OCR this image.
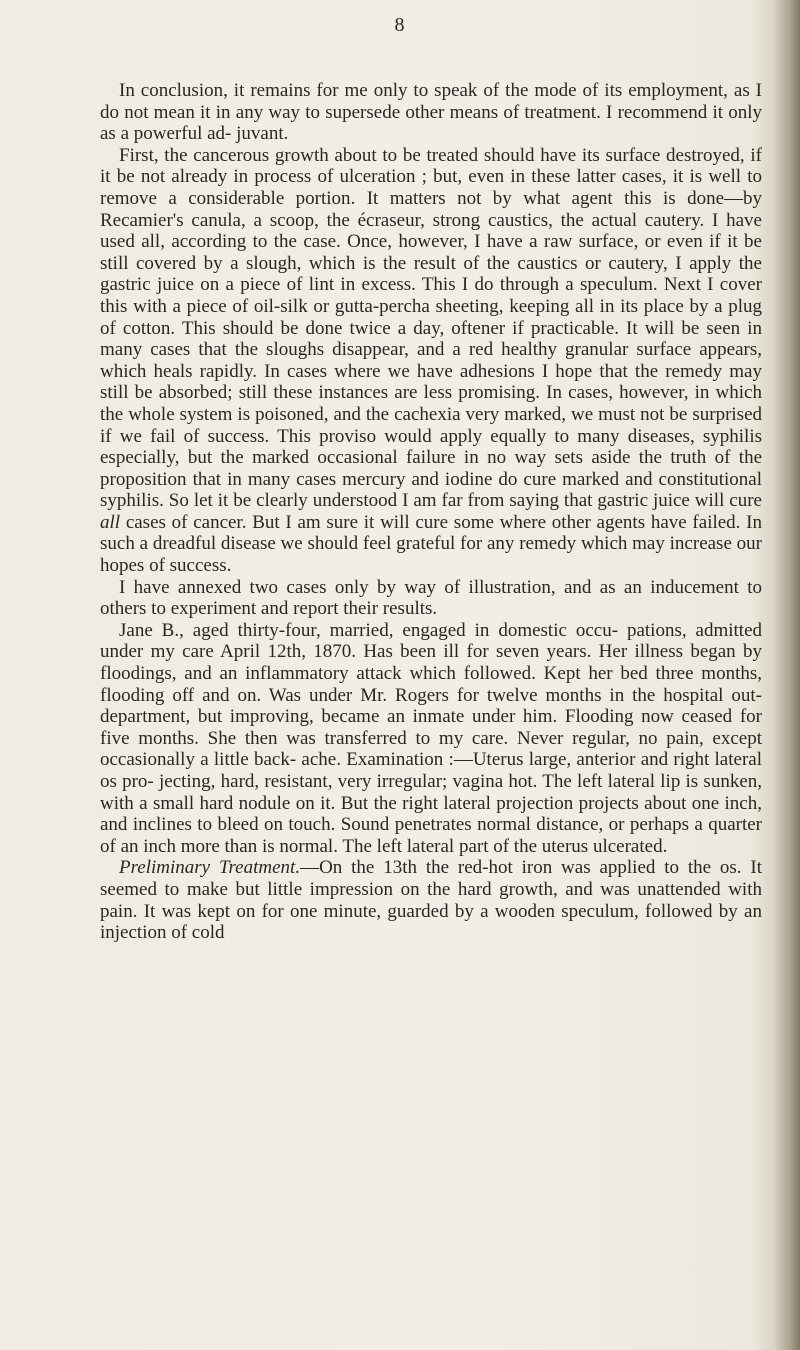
8

In conclusion, it remains for me only to speak of the mode of its employment, as I do not mean it in any way to supersede other means of treatment. I recommend it only as a powerful ad- juvant.

First, the cancerous growth about to be treated should have its surface destroyed, if it be not already in process of ulceration ; but, even in these latter cases, it is well to remove a considerable portion. It matters not by what agent this is done—by Recamier's canula, a scoop, the écraseur, strong caustics, the actual cautery. I have used all, according to the case. Once, however, I have a raw surface, or even if it be still covered by a slough, which is the result of the caustics or cautery, I apply the gastric juice on a piece of lint in excess. This I do through a speculum. Next I cover this with a piece of oil-silk or gutta-percha sheeting, keeping all in its place by a plug of cotton. This should be done twice a day, oftener if practicable. It will be seen in many cases that the sloughs disappear, and a red healthy granular surface appears, which heals rapidly. In cases where we have adhesions I hope that the remedy may still be absorbed; still these instances are less promising. In cases, however, in which the whole system is poisoned, and the cachexia very marked, we must not be surprised if we fail of success. This proviso would apply equally to many diseases, syphilis especially, but the marked occasional failure in no way sets aside the truth of the proposition that in many cases mercury and iodine do cure marked and constitutional syphilis. So let it be clearly understood I am far from saying that gastric juice will cure all cases of cancer. But I am sure it will cure some where other agents have failed. In such a dreadful disease we should feel grateful for any remedy which may increase our hopes of success.

I have annexed two cases only by way of illustration, and as an inducement to others to experiment and report their results.

Jane B., aged thirty-four, married, engaged in domestic occu- pations, admitted under my care April 12th, 1870. Has been ill for seven years. Her illness began by floodings, and an inflammatory attack which followed. Kept her bed three months, flooding off and on. Was under Mr. Rogers for twelve months in the hospital out-department, but improving, became an inmate under him. Flooding now ceased for five months. She then was transferred to my care. Never regular, no pain, except occasionally a little back- ache. Examination :—Uterus large, anterior and right lateral os pro- jecting, hard, resistant, very irregular; vagina hot. The left lateral lip is sunken, with a small hard nodule on it. But the right lateral projection projects about one inch, and inclines to bleed on touch. Sound penetrates normal distance, or perhaps a quarter of an inch more than is normal. The left lateral part of the uterus ulcerated.

Preliminary Treatment.—On the 13th the red-hot iron was applied to the os. It seemed to make but little impression on the hard growth, and was unattended with pain. It was kept on for one minute, guarded by a wooden speculum, followed by an injection of cold
